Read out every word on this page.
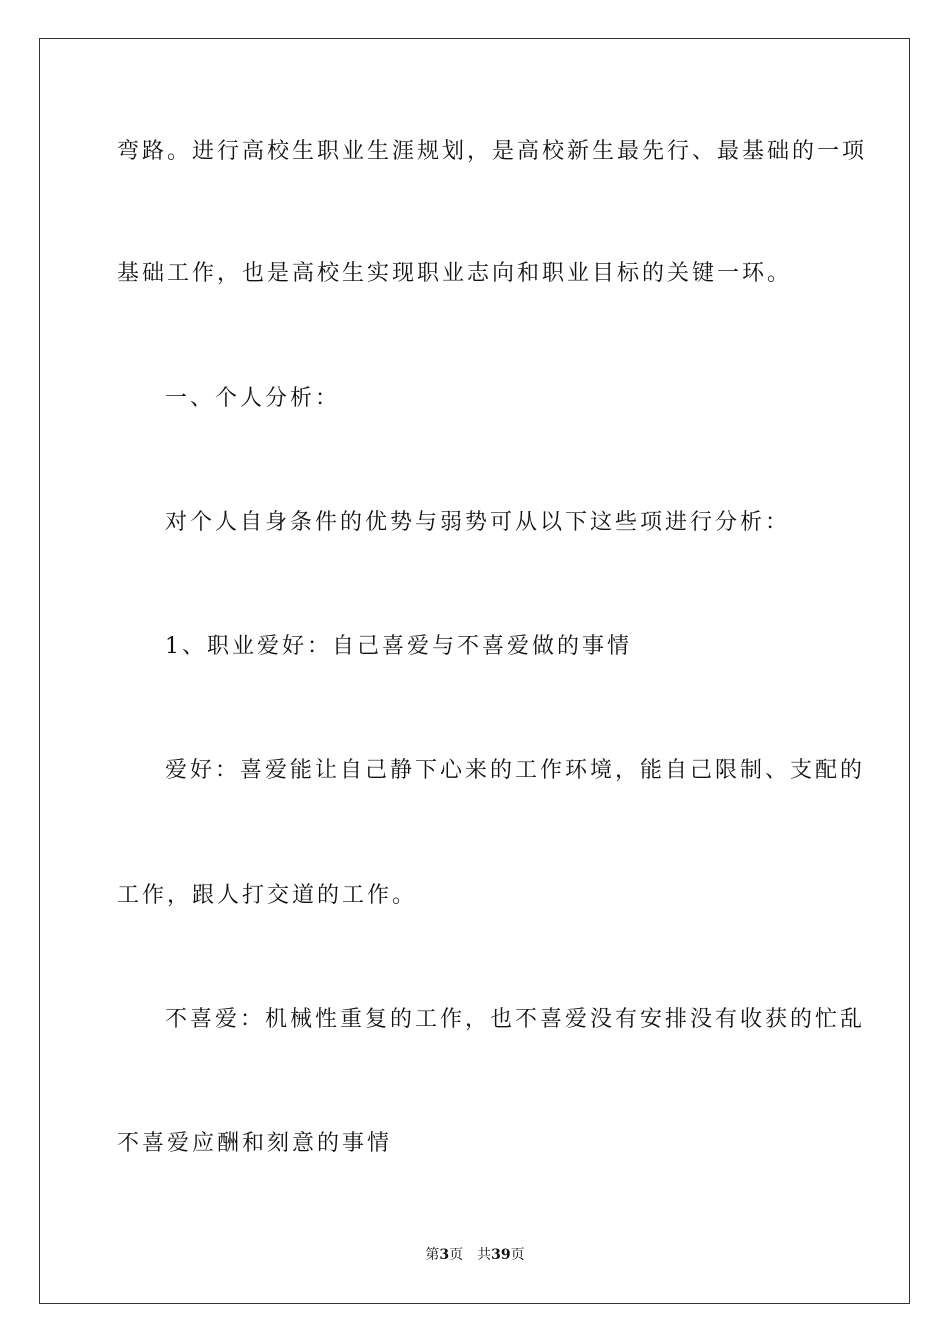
弯路。进行高校生职业生涯规划，是高校新生最先行、最基础的一项
基础工作，也是高校生实现职业志向和职业目标的关键一环。
一、个人分析：
对个人自身条件的优势与弱势可从以下这些项进行分析：
1、职业爱好：自己喜爱与不喜爱做的事情
爱好：喜爱能让自己静下心来的工作环境，能自己限制、支配的
工作，跟人打交道的工作。
不喜爱：机械性重复的工作，也不喜爱没有安排没有收获的忙乱
不喜爱应酬和刻意的事情
第3页 共39页
